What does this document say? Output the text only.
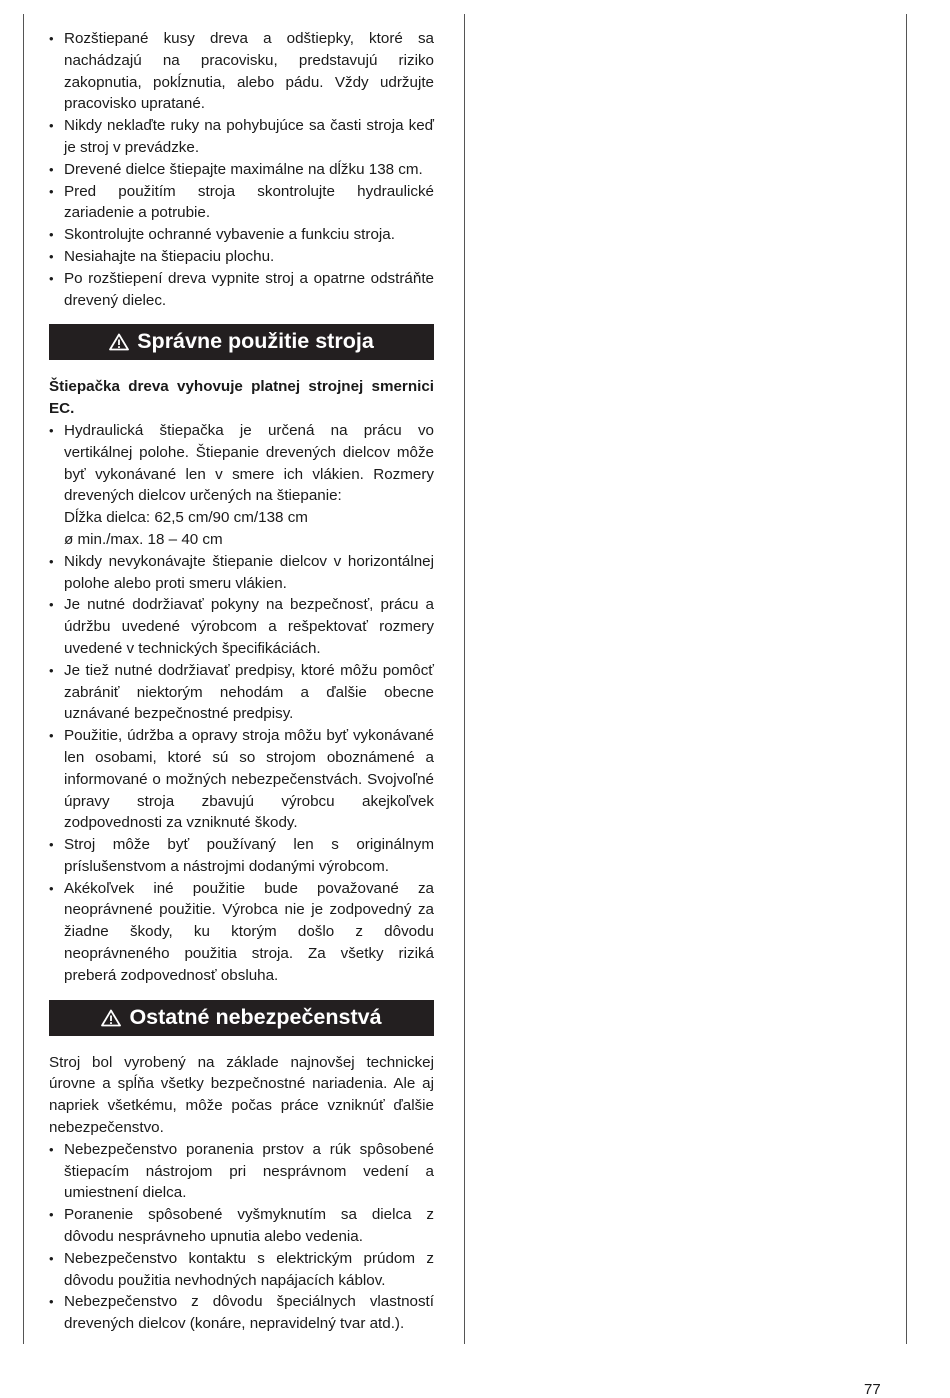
• Rozštiepané kusy dreva a odštiepky, ktoré sa nachádzajú na pracovisku, predstavujú riziko zakopnutia, pokĺznutia, alebo pádu. Vždy udržujte pracovisko upratané.
• Nikdy neklaďte ruky na pohybujúce sa časti stroja keď je stroj v prevádzke.
• Drevené dielce štiepajte maximálne na dĺžku 138 cm.
• Pred použitím stroja skontrolujte hydraulické zariadenie a potrubie.
• Skontrolujte ochranné vybavenie a funkciu stroja.
• Nesiahajte na štiepaciu plochu.
• Po rozštiepení dreva vypnite stroj a opatrne odstráňte drevený dielec.
Správne použitie stroja
Štiepačka dreva vyhovuje platnej strojnej smernici EC.
• Hydraulická štiepačka je určená na prácu vo vertikálnej polohe. Štiepanie drevených dielcov môže byť vykonávané len v smere ich vlákien. Rozmery drevených dielcov určených na štiepanie:
Dĺžka dielca: 62,5 cm/90 cm/138 cm
ø min./max. 18 – 40 cm
• Nikdy nevykonávajte štiepanie dielcov v horizontálnej polohe alebo proti smeru vlákien.
• Je nutné dodržiavať pokyny na bezpečnosť, prácu a údržbu uvedené výrobcom a rešpektovať rozmery uvedené v technických špecifikáciách.
• Je tiež nutné dodržiavať predpisy, ktoré môžu pomôcť zabrániť niektorým nehodám a ďalšie obecne uznávané bezpečnostné predpisy.
• Použitie, údržba a opravy stroja môžu byť vykonávané len osobami, ktoré sú so strojom oboznámené a informované o možných nebezpečenstvách. Svojvoľné úpravy stroja zbavujú výrobcu akejkoľvek zodpovednosti za vzniknuté škody.
• Stroj môže byť používaný len s originálnym príslušenstvom a nástrojmi dodanými výrobcom.
• Akékoľvek iné použitie bude považované za neoprávnené použitie. Výrobca nie je zodpovedný za žiadne škody, ku ktorým došlo z dôvodu neoprávneného použitia stroja. Za všetky riziká preberá zodpovednosť obsluha.
Ostatné nebezpečenstvá

Stroj bol vyrobený na základe najnovšej technickej úrovne a spĺňa všetky bezpečnostné nariadenia. Ale aj napriek všetkému, môže počas práce vzniknúť ďalšie nebezpečenstvo.

• Nebezpečenstvo poranenia prstov a rúk spôsobené štiepacím nástrojom pri nesprávnom vedení a umiestnení dielca.
• Poranenie spôsobené vyšmyknutím sa dielca z dôvodu nesprávneho upnutia alebo vedenia.
• Nebezpečenstvo kontaktu s elektrickým prúdom z dôvodu použitia nevhodných napájacích káblov.
• Nebezpečenstvo z dôvodu špeciálnych vlastností drevených dielcov (konáre, nepravidelný tvar atd.).
77
